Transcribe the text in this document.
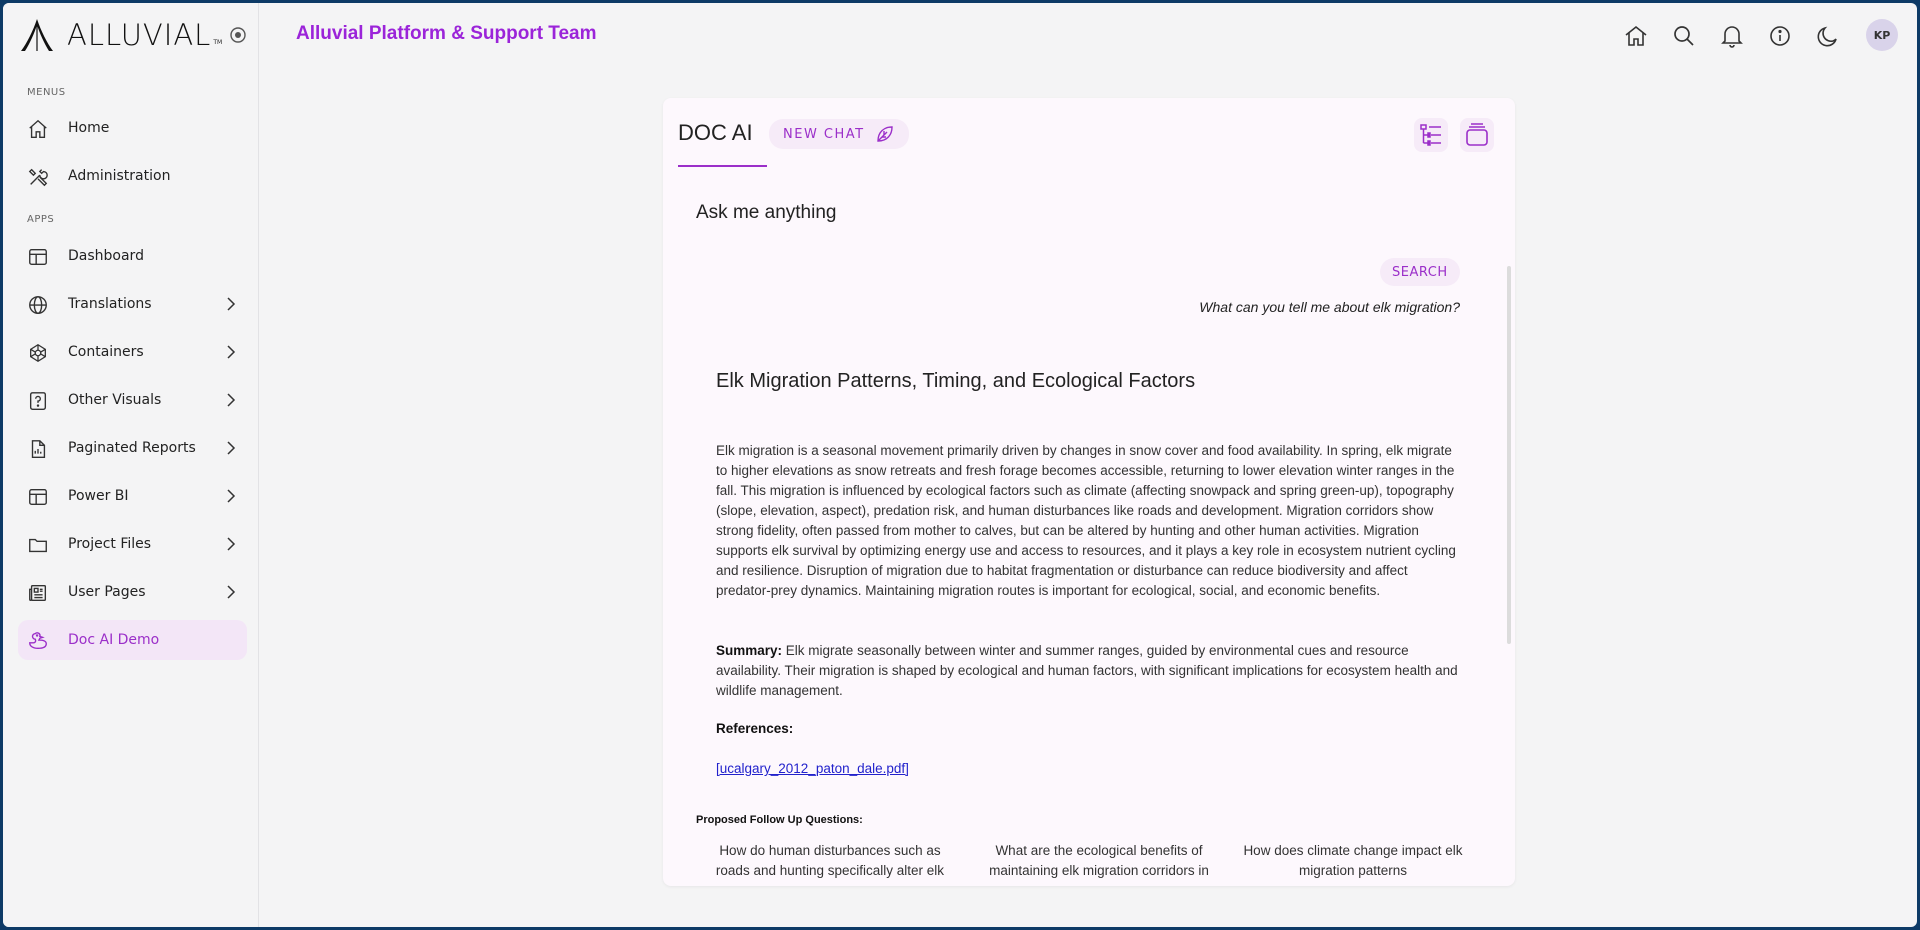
ALLUVIAL TM
MENUS
Home
Administration
APPS
Dashboard
Translations
Containers
Other Visuals
Paginated Reports
Power BI
Project Files
User Pages
Doc AI Demo
Alluvial Platform & Support Team	KP
DOC AI NEW CHAT
Ask me anything
SEARCH
What can you tell me about elk migration?
Elk Migration Patterns, Timing, and Ecological Factors

Elk migration is a seasonal movement primarily driven by changes in snow cover and food availability. In spring, elk migrate to higher elevations as snow retreats and fresh forage becomes accessible, returning to lower elevation winter ranges in the fall. This migration is influenced by ecological factors such as climate (affecting snowpack and spring green-up), topography (slope, elevation, aspect), predation risk, and human disturbances like roads and development. Migration corridors show strong fidelity, often passed from mother to calves, but can be altered by hunting and other human activities. Migration supports elk survival by optimizing energy use and access to resources, and it plays a key role in ecosystem nutrient cycling and resilience. Disruption of migration due to habitat fragmentation or disturbance can reduce biodiversity and affect predator-prey dynamics. Maintaining migration routes is important for ecological, social, and economic benefits.

Summary: Elk migrate seasonally between winter and summer ranges, guided by environmental cues and resource availability. Their migration is shaped by ecological and human factors, with significant implications for ecosystem health and wildlife management.

References:
[ucalgary_2012_paton_dale.pdf]
Proposed Follow Up Questions:
How do human disturbances such as roads and hunting specifically alter elk
What are the ecological benefits of maintaining elk migration corridors in
How does climate change impact elk migration patterns
